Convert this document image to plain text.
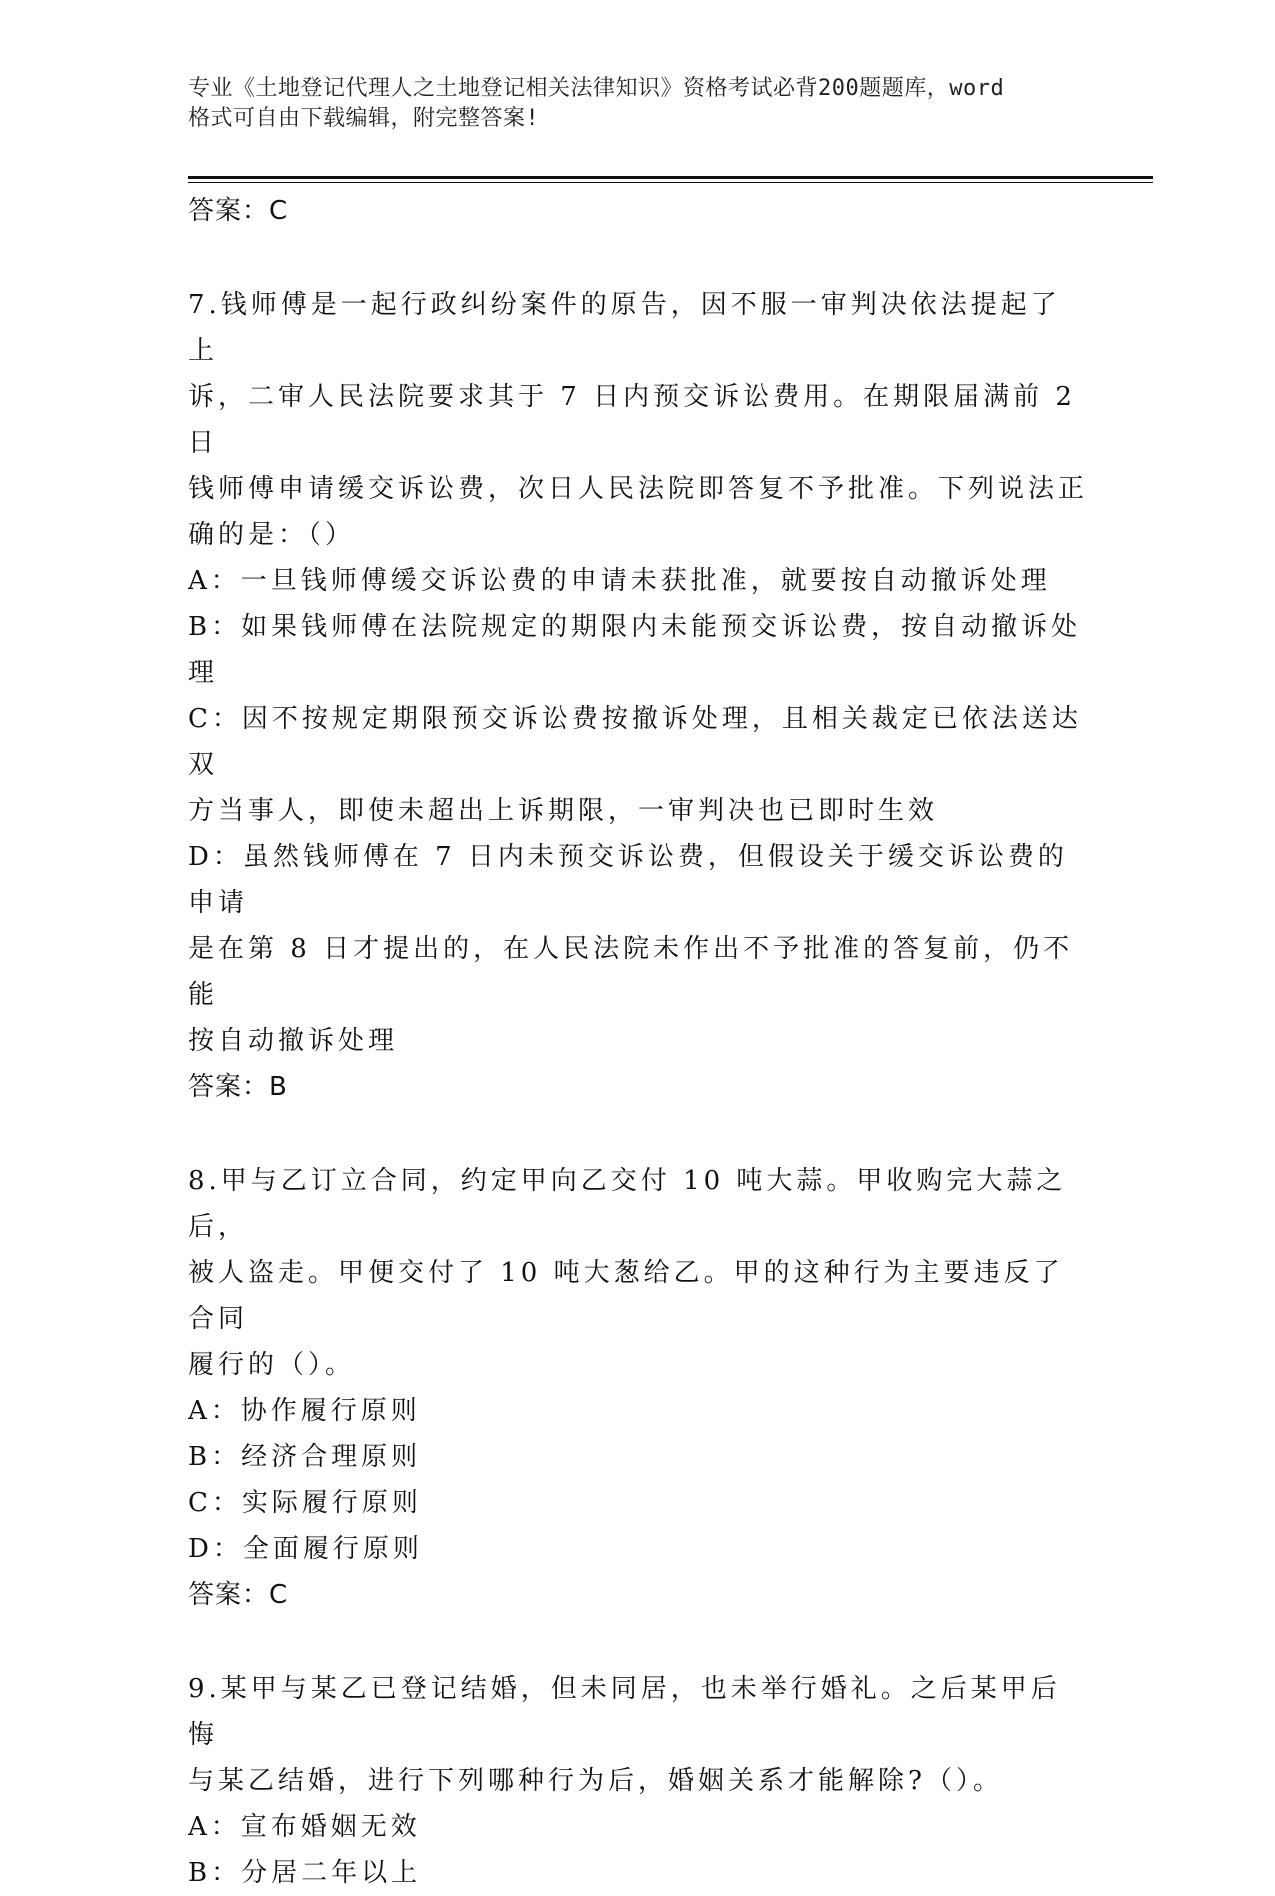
专业《土地登记代理人之土地登记相关法律知识》资格考试必背200题题库，word
格式可自由下载编辑，附完整答案!

答案：C

7.钱师傅是一起行政纠纷案件的原告，因不服一审判决依法提起了上

诉，二审人民法院要求其于 7 日内预交诉讼费用。在期限届满前 2 日

钱师傅申请缓交诉讼费，次日人民法院即答复不予批准。下列说法正

确的是：（）

A：一旦钱师傅缓交诉讼费的申请未获批准，就要按自动撤诉处理

B：如果钱师傅在法院规定的期限内未能预交诉讼费，按自动撤诉处理

C：因不按规定期限预交诉讼费按撤诉处理，且相关裁定已依法送达双

方当事人，即使未超出上诉期限，一审判决也已即时生效

D：虽然钱师傅在 7 日内未预交诉讼费，但假设关于缓交诉讼费的申请

是在第 8 日才提出的，在人民法院未作出不予批准的答复前，仍不能

按自动撤诉处理

答案：B

8.甲与乙订立合同，约定甲向乙交付 10 吨大蒜。甲收购完大蒜之后，

被人盗走。甲便交付了 10 吨大葱给乙。甲的这种行为主要违反了合同

履行的（）。

A：协作履行原则

B：经济合理原则

C：实际履行原则

D：全面履行原则

答案：C

9.某甲与某乙已登记结婚，但未同居，也未举行婚礼。之后某甲后悔

与某乙结婚，进行下列哪种行为后，婚姻关系才能解除?（）。

A：宣布婚姻无效

B：分居二年以上
